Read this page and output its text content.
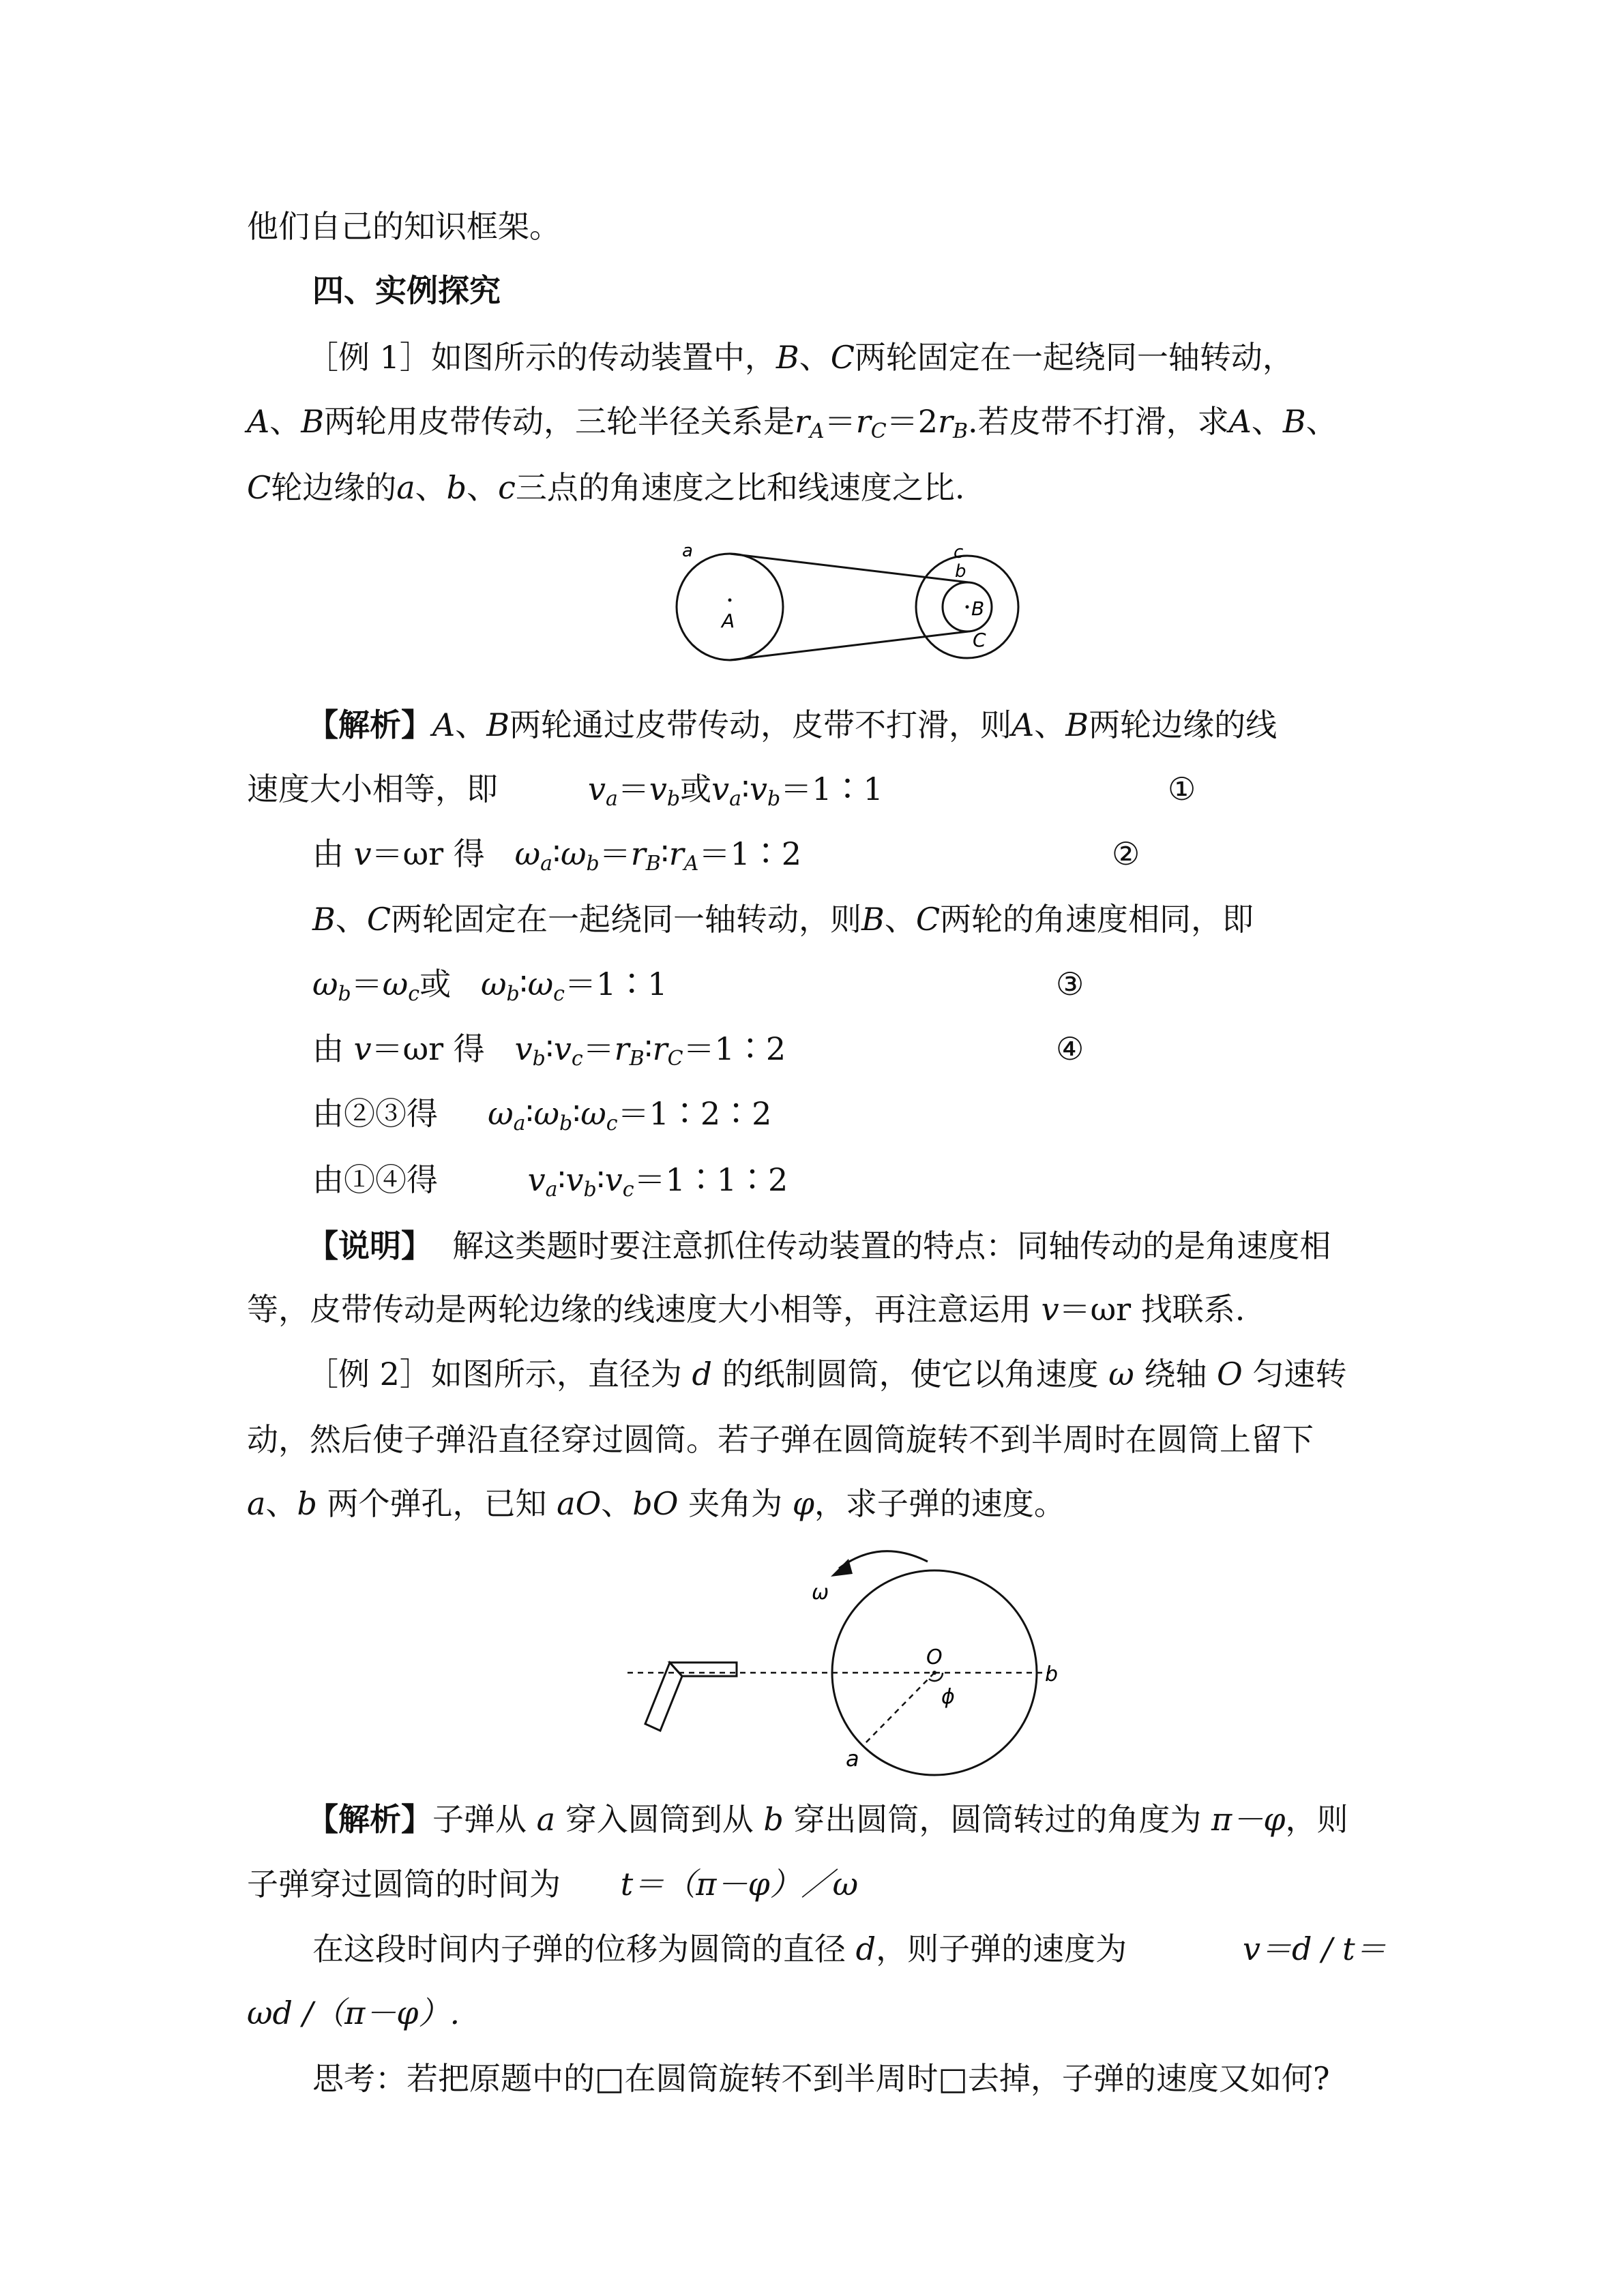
他们自己的知识框架。
四、实例探究
［例 1］如图所示的传动装置中，B、C两轮固定在一起绕同一轴转动，
A、B两轮用皮带传动，三轮半径关系是$r_A=r_C=2r_B$.若皮带不打滑，求A、B、
C轮边缘的a、b、c三点的角速度之比和线速度之比.
a
A
c
b
B
C
【解析】A、B两轮通过皮带传动，皮带不打滑，则A、B两轮边缘的线
速度大小相等，即	$v_a=v_b$或$v_a∶v_b=1∶1$	①
由 v＝ωr 得 $\omega_a∶\omega_b=r_B∶r_A=1∶2$	②
B、C两轮固定在一起绕同一轴转动，则B、C两轮的角速度相同，即
$\omega_b=\omega_c$或 $\omega_b∶\omega_c=1∶1$	③
由 v＝ωr 得 $v_b∶v_c=r_B∶r_C=1∶2$	④
由②③得 $\omega_a∶\omega_b∶\omega_c=1∶2∶2$
由①④得	$v_a∶v_b∶v_c=1∶1∶2$
【说明】 解这类题时要注意抓住传动装置的特点：同轴传动的是角速度相
等，皮带传动是两轮边缘的线速度大小相等，再注意运用 v＝ωr 找联系.
［例 2］如图所示，直径为 d 的纸制圆筒，使它以角速度 ω 绕轴 O 匀速转
动，然后使子弹沿直径穿过圆筒。若子弹在圆筒旋转不到半周时在圆筒上留下
a、b 两个弹孔，已知 aO、bO 夹角为 φ，求子弹的速度。
ω
O
b
ϕ
a
【解析】子弹从 a 穿入圆筒到从 b 穿出圆筒，圆筒转过的角度为 π－φ，则
子弹穿过圆筒的时间为 t＝（π－φ）／ω
在这段时间内子弹的位移为圆筒的直径 d，则子弹的速度为	v＝d / t＝
ωd /（π－φ）.
思考：若把原题中的□在圆筒旋转不到半周时□去掉，子弹的速度又如何?
